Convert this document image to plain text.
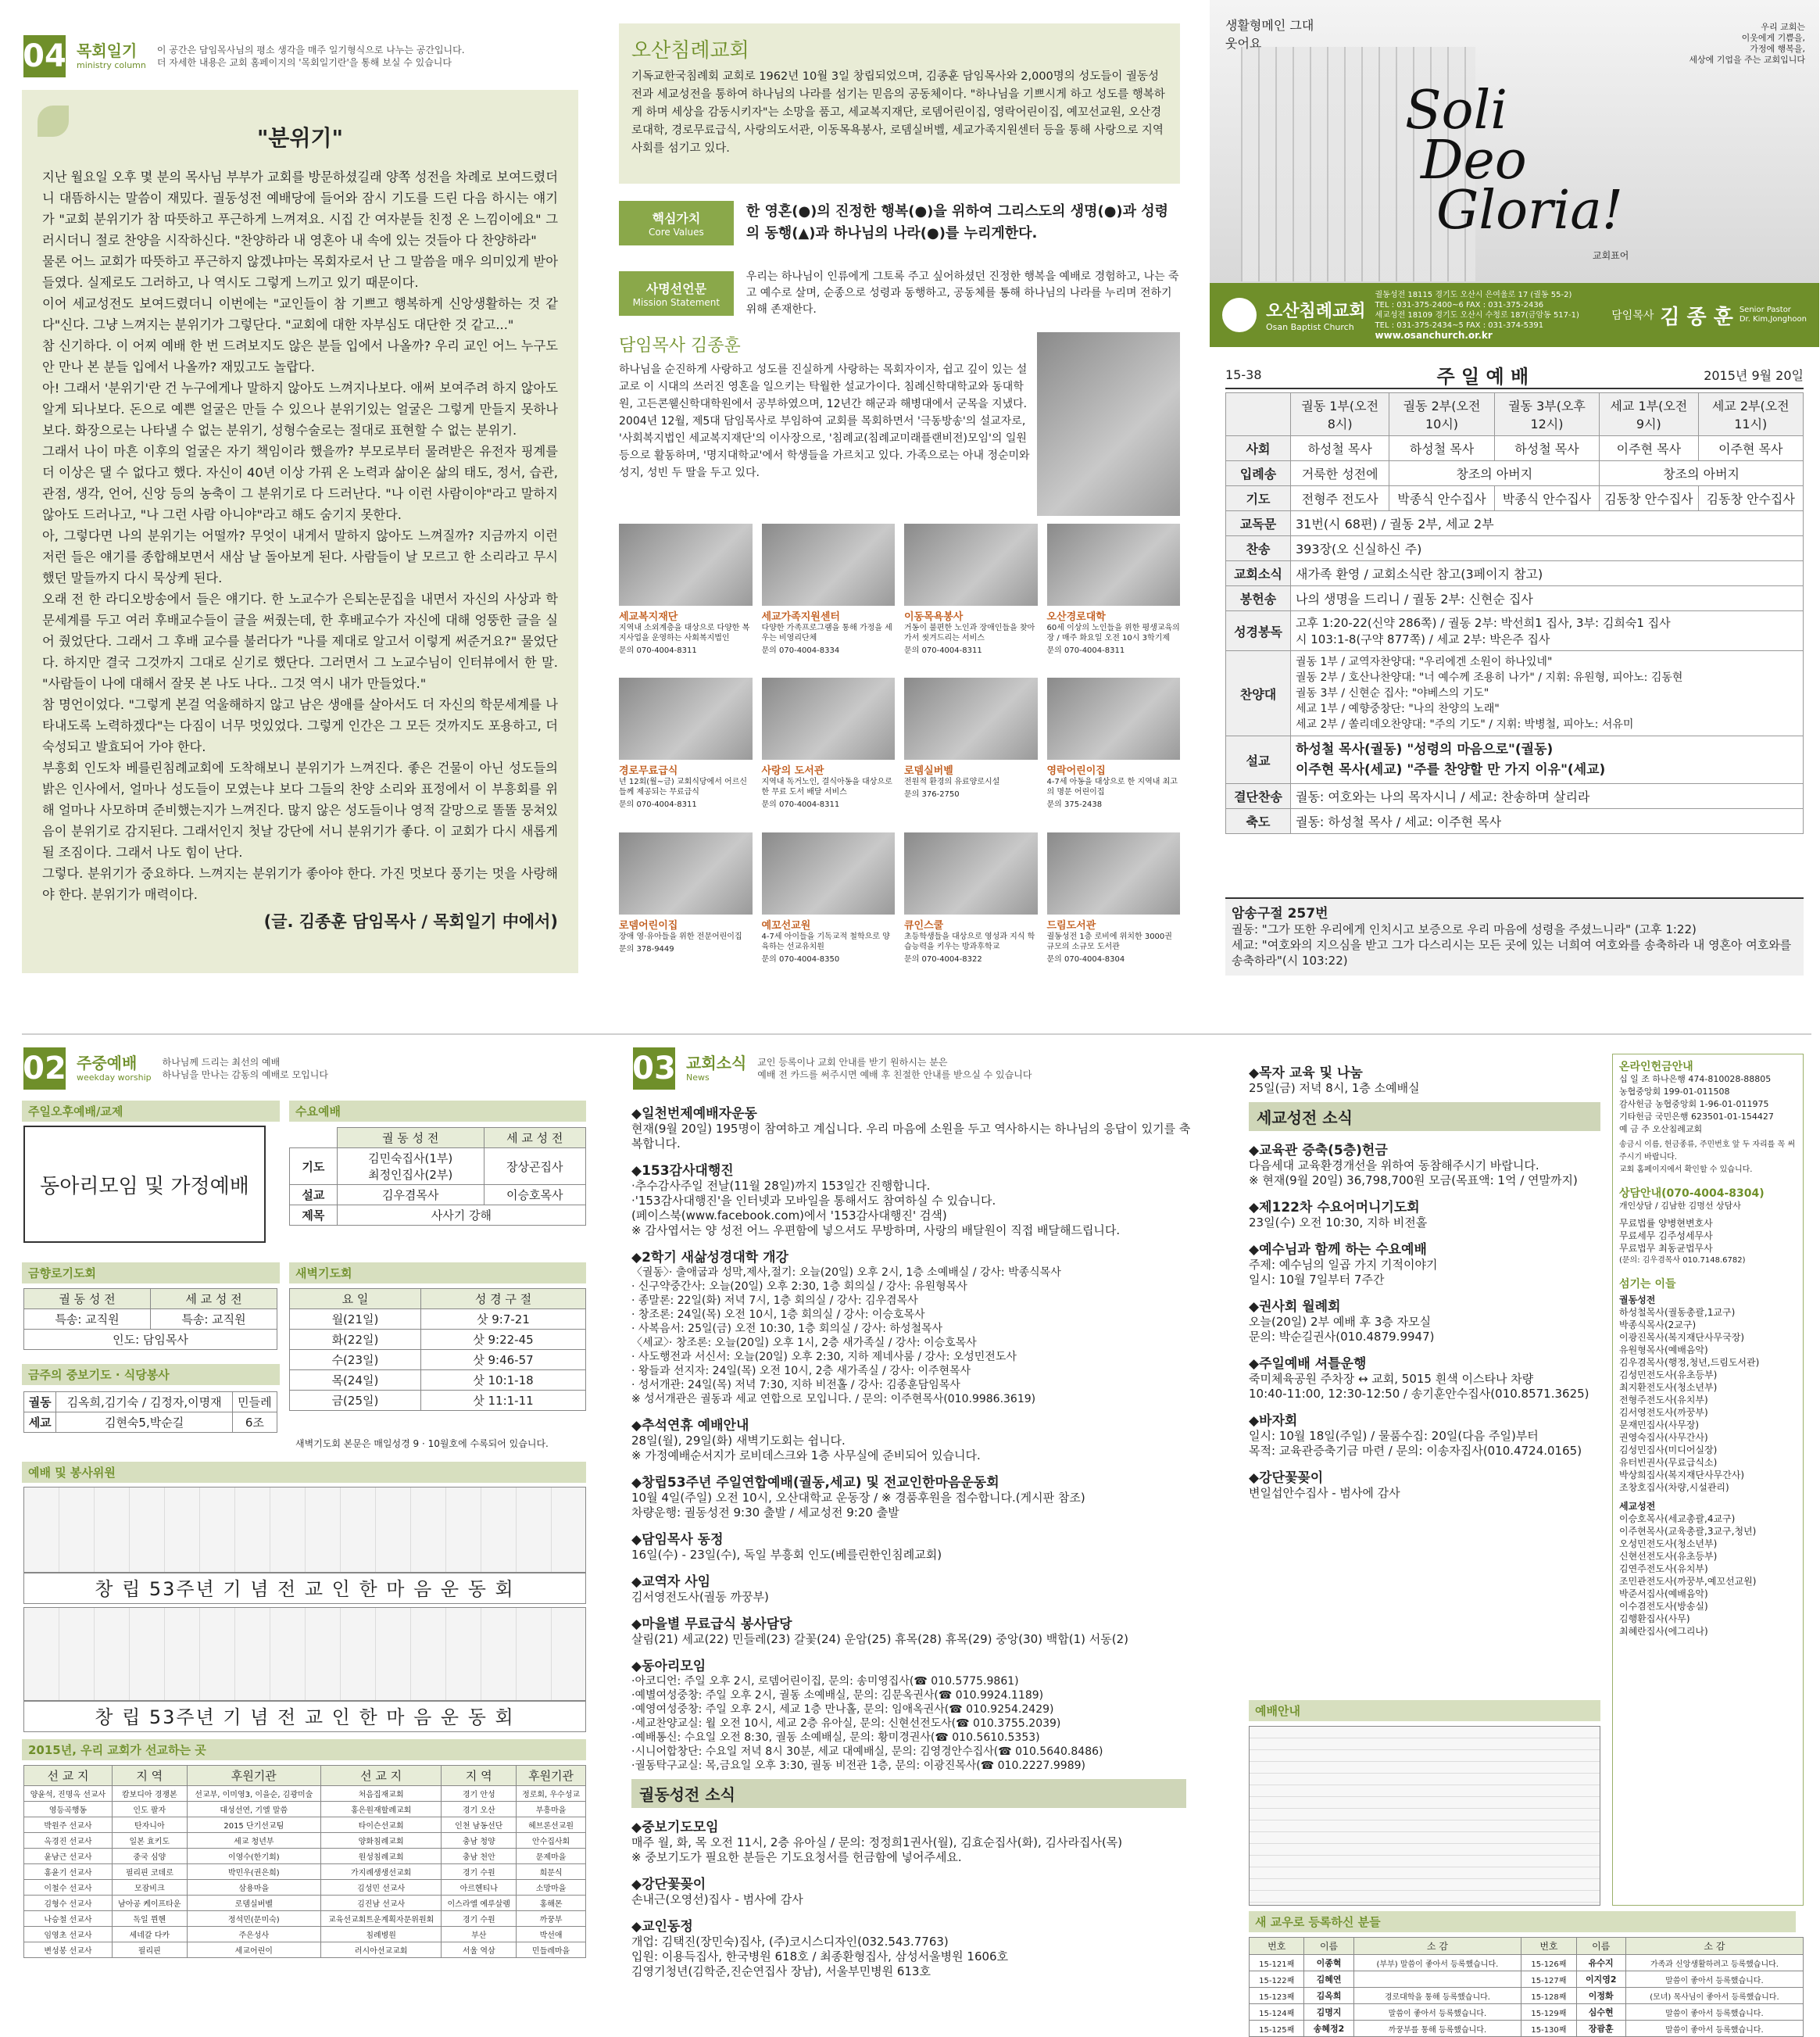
04 목회일기
ministry column
이 공간은 담임목사님의 평소 생각을 매주 일기형식으로 나누는 공간입니다.
더 자세한 내용은 교회 홈페이지의 '목회일기란'을 통해 보실 수 있습니다
"분위기"
지난 월요일 오후 몇 분의 목사님 부부가 교회를 방문하셨길래 양쪽 성전을 차례로 보여드렸더니 대뜸하시는 말씀이 재밌다. 궐동성전 예배당에 들어와 잠시 기도를 드린 다음 하시는 얘기가 "교회 분위기가 참 따뜻하고 푸근하게 느껴져요. 시집 간 여자분들 친정 온 느낌이에요" 그러시더니 절로 찬양을 시작하신다. "찬양하라 내 영혼아 내 속에 있는 것들아 다 찬양하라"
물론 어느 교회가 따뜻하고 푸근하지 않겠냐마는 목회자로서 난 그 말씀을 매우 의미있게 받아들였다. 실제로도 그러하고, 나 역시도 그렇게 느끼고 있기 때문이다.
이어 세교성전도 보여드렸더니 이번에는 "교인들이 참 기쁘고 행복하게 신앙생활하는 것 같다"신다. 그냥 느껴지는 분위기가 그렇단다. "교회에 대한 자부심도 대단한 것 같고..."
참 신기하다. 이 어찌 예배 한 번 드려보지도 않은 분들 입에서 나올까? 우리 교인 어느 누구도 안 만나 본 분들 입에서 나올까? 재밌고도 놀랍다.
아! 그래서 '분위기'란 건 누구에게나 말하지 않아도 느껴지나보다. 애써 보여주려 하지 않아도 알게 되나보다. 돈으로 예쁜 얼굴은 만들 수 있으나 분위기있는 얼굴은 그렇게 만들지 못하나보다. 화장으로는 나타낼 수 없는 분위기, 성형수술로는 절대로 표현할 수 없는 분위기.
그래서 나이 마흔 이후의 얼굴은 자기 책임이라 했을까? 부모로부터 물려받은 유전자 핑계를 더 이상은 댈 수 없다고 했다. 자신이 40년 이상 가꿔 온 노력과 삶이온 삶의 태도, 정서, 습관, 관점, 생각, 언어, 신앙 등의 농축이 그 분위기로 다 드러난다. "나 이런 사람이야"라고 말하지 않아도 드러나고, "나 그런 사람 아니야"라고 해도 숨기지 못한다.
아, 그렇다면 나의 분위기는 어떨까? 무엇이 내게서 말하지 않아도 느껴질까? 지금까지 이런저런 들은 얘기를 종합해보면서 새삼 날 돌아보게 된다. 사람들이 날 모르고 한 소리라고 무시했던 말들까지 다시 묵상케 된다.
오래 전 한 라디오방송에서 들은 얘기다. 한 노교수가 은퇴논문집을 내면서 자신의 사상과 학문세계를 두고 여러 후배교수들이 글을 써줬는데, 한 후배교수가 자신에 대해 엉뚱한 글을 실어 줬었단다. 그래서 그 후배 교수를 불러다가 "나를 제대로 알고서 이렇게 써준거요?" 물었단다. 하지만 결국 그것까지 그대로 싣기로 했단다. 그러면서 그 노교수님이 인터뷰에서 한 말. "사람들이 나에 대해서 잘못 본 나도 나다.. 그것 역시 내가 만들었다."
참 명언이었다. "그렇게 본걸 억울해하지 않고 남은 생애를 살아서도 더 자신의 학문세계를 나타내도록 노력하겠다"는 다짐이 너무 멋있었다. 그렇게 인간은 그 모든 것까지도 포용하고, 더 숙성되고 발효되어 가야 한다.
부흥회 인도차 베를린침례교회에 도착해보니 분위기가 느껴진다. 좋은 건물이 아닌 성도들의 밝은 인사에서, 얼마나 성도들이 모였는냐 보다 그들의 찬양 소리와 표정에서 이 부흥회를 위해 얼마나 사모하며 준비했는지가 느껴진다. 많지 않은 성도들이나 영적 갈망으로 똘똘 뭉쳐있음이 분위기로 감지된다. 그래서인지 첫날 강단에 서니 분위기가 좋다. 이 교회가 다시 새롭게 될 조짐이다. 그래서 나도 힘이 난다.
그렇다. 분위기가 중요하다. 느껴지는 분위기가 좋아야 한다. 가진 멋보다 풍기는 멋을 사랑해야 한다. 분위기가 매력이다.
(글. 김종훈 담임목사 / 목회일기 中에서)
오산침례교회
기독교한국침례회 교회로 1962년 10월 3일 창립되었으며, 김종훈 담임목사와 2,000명의 성도들이 궐동성전과 세교성전을 통하여 하나님의 나라를 섬기는 믿음의 공동체이다. "하나님을 기쁘시게 하고 성도를 행복하게 하며 세상을 감동시키자"는 소망을 품고, 세교복지재단, 로뎀어린이집, 영락어린이집, 예꼬선교원, 오산경로대학, 경로무료급식, 사랑의도서관, 이동목욕봉사, 로뎀실버벨, 세교가족지원센터 등을 통해 사랑으로 지역사회를 섬기고 있다.
핵심가치
Core Values
한 영혼(●)의 진정한 행복(●)을 위하여 그리스도의 생명(●)과 성령의 동행(▲)과 하나님의 나라(●)를 누리게한다.
사명선언문
Mission Statement
우리는 하나님이 인류에게 그토록 주고 싶어하셨던 진정한 행복을 예배로 경험하고, 나는 죽고 예수로 살며, 순종으로 성령과 동행하고, 공동체를 통해 하나님의 나라를 누리며 전하기 위해 존재한다.
담임목사 김종훈
하나님을 순진하게 사랑하고 성도를 진실하게 사랑하는 목회자이자, 쉽고 깊이 있는 설교로 이 시대의 쓰러진 영혼을 일으키는 탁월한 설교가이다. 침례신학대학교와 동대학원, 고든콘웰신학대학원에서 공부하였으며, 12년간 해군과 해병대에서 군목을 지냈다. 2004년 12월, 제5대 담임목사로 부임하여 교회를 목회하면서 '극동방송'의 설교자로, '사회복지법인 세교복지재단'의 이사장으로, '침례교(침례교미래플랜비전)모임'의 일원 등으로 활동하며, '명지대학교'에서 학생들을 가르치고 있다. 가족으로는 아내 정순미와 성지, 성빈 두 딸을 두고 있다.
세교복지재단
지역내 소외계층을 대상으로 다양한 복지사업을 운영하는 사회복지법인
문의 070-4004-8311
세교가족지원센터
다양한 가족프로그램을 통해 가정을 세우는 비영리단체
문의 070-4004-8334
이동목욕봉사
거동이 불편한 노인과 장애인들을 찾아가서 씻겨드리는 서비스
문의 070-4004-8311
오산경로대학
60세 이상의 노인들을 위한 평생교육의 장 / 매주 화요일 오전 10시 3학기제
문의 070-4004-8311
경로무료급식
년 12회(월~금) 교회식당에서 어르신들께 제공되는 무료급식
문의 070-4004-8311
사랑의 도서관
지역내 독거노인, 결식아동을 대상으로 한 무료 도서 배달 서비스
문의 070-4004-8311
로뎀실버벨
전원적 환경의 유료양로시설
문의 376-2750
영락어린이집
4-7세 아동을 대상으로 한 지역내 최고의 명문 어린이집
문의 375-2438
로뎀어린이집
장애 영·유아들을 위한 전문어린이집
문의 378-9449
예꼬선교원
4-7세 아이들을 기독교적 철학으로 양육하는 선교유치원
문의 070-4004-8350
큐인스쿨
초등학생들을 대상으로 영성과 지식 학습능력을 키우는 방과후학교
문의 070-4004-8322
드림도서관
궐동성전 1층 로비에 위치한 3000권 규모의 소규모 도서관
문의 070-4004-8304
생활형메인 그대 웃어요
Soli
Deo
Gloria!
교회표어
우리 교회는
이웃에게 기쁨을,
가정에 행복을,
세상에 기업을 주는 교회입니다
오산침례교회
Osan Baptist Church
궐동성전 18115 경기도 오산시 은여울로 17 (궐동 55-2)
TEL : 031-375-2400~6 FAX : 031-375-2436
세교성전 18109 경기도 오산시 수청로 187(금암동 517-1)
TEL : 031-375-2434~5 FAX : 031-374-5391
www.osanchurch.or.kr
담임목사 김 종 훈 Senior Pastor
Dr. Kim,Jonghoon
15-38	주 일 예 배	2015년 9월 20일
	궐동 1부(오전 8시)	궐동 2부(오전 10시)	궐동 3부(오후 12시)	세교 1부(오전 9시)	세교 2부(오전 11시)
사회	하성철 목사	하성철 목사	하성철 목사	이주현 목사	이주현 목사
입례송	거룩한 성전에	창조의 아버지		창조의 아버지	
기도	전형주 전도사	박종식 안수집사	박종식 안수집사	김동창 안수집사	김동창 안수집사
교독문	31번(시 68편) / 궐동 2부, 세교 2부				
찬송	393장(오 신실하신 주)				
교회소식	새가족 환영 / 교회소식란 참고(3페이지 참고)				
봉헌송	나의 생명을 드리니 / 궐동 2부: 신현순 집사				
성경봉독	고후 1:20-22(신약 286쪽) / 궐동 2부: 박선희1 집사, 3부: 김희숙1 집사
시 103:1-8(구약 877쪽) / 세교 2부: 박은주 집사				
찬양대	궐동 1부 / 교역자찬양대: "우리에겐 소원이 하나있네"
궐동 2부 / 호산나찬양대: "너 예수께 조용히 나가" / 지휘: 유원형, 피아노: 김동현
궐동 3부 / 신현순 집사: "야베스의 기도"
세교 1부 / 예향중창단: "나의 찬양의 노래"
세교 2부 / 쏠리데오찬양대: "주의 기도" / 지휘: 박병철, 피아노: 서유미				
설교	하성철 목사(궐동) "성령의 마음으로"(궐동)
이주현 목사(세교) "주를 찬양할 만 가지 이유"(세교)				
결단찬송	궐동: 여호와는 나의 목자시니 / 세교: 찬송하며 살리라				
축도	궐동: 하성철 목사 / 세교: 이주현 목사				
암송구절 257번
궐동: "그가 또한 우리에게 인치시고 보증으로 우리 마음에 성령을 주셨느니라" (고후 1:22)
세교: "여호와의 지으심을 받고 그가 다스리시는 모든 곳에 있는 너희여 여호와를 송축하라 내 영혼아 여호와를 송축하라"(시 103:22)
02 주중예배
weekday worship
하나님께 드리는 최선의 예배
하나님을 만나는 감동의 예배로 모입니다
주일오후예배/교제
동아리모임 및 가정예배
수요예배
	궐 동 성 전	세 교 성 전
기도	김민숙집사(1부)
최정인집사(2부)	장상곤집사
설교	김우겸목사	이승호목사
제목	사사기 강해	
금향로기도회
궐 동 성 전	세 교 성 전
특송: 교직원	특송: 교직원
인도: 담임목사	
새벽기도회
요 일	성 경 구 절
월(21일)	삿 9:7-21
화(22일)	삿 9:22-45
수(23일)	삿 9:46-57
목(24일)	삿 10:1-18
금(25일)	삿 11:1-11
새벽기도회 본문은 매일성경 9 · 10월호에 수록되어 있습니다.
금주의 중보기도 · 식당봉사
궐동	김옥희,김기숙 / 김정자,이명재	민들레
세교	김현숙5,박순길	6조
예배 및 봉사위원
창 립 53주년 기 념 전 교 인 한 마 음 운 동 회
창 립 53주년 기 념 전 교 인 한 마 음 운 동 회
2015년, 우리 교회가 선교하는 곳
선 교 지	지 역	후원기관	선 교 지	지 역	후원기관
양윤석, 진명옥 선교사	캄보디아 경쟁본	선교부, 이미영3, 이을순, 김광미술	처음집재교회	경기 안성	정로회, 우수성교
영등곡행동	인도 팔자	대성선연, 기엘 말씀	홍은원재할례교회	경기 오산	부흥마을
박원주 선교사	탄자니아	2015 단기선교팀	타이슨선교회	인천 남동선단	헤브론선교원
옥경진 선교사	일본 효키도	세교 청년부	양화침례교회	충남 청양	안수집사회
윤남근 선교사	중국 심양	이영수(한기회)	원성침례교회	충남 천안	문제마을
홍윤기 선교사	필리핀 코데로	박민우(권은희)	가지례생생선교회	경기 수원	희문식
이철수 선교사	모잠비크	삼용마을	김성민 선교사	아르헨티나	소망마을
김형수 선교사	남아공 케이프타운	로뎀실버벨	김진남 선교사	이스라엘 예루살렘	홍해몬
나승철 선교사	독일 뮌헨	정석민(문미숙)	교육선교회트운계획자문위원회	경기 수원	까꿍부
임영초 선교사	세네갈 다카	주은성사	침례병원	부산	박선애
변성봉 선교사	필리핀	세교어린이	러시아선교교회	서울 역삼	민들레마을
03 교회소식
News
교인 등록이나 교회 안내를 받기 원하시는 분은
예배 전 카드를 써주시면 예배 후 친절한 안내를 받으실 수 있습니다
◆일천번제예배자운동
현재(9월 20일) 195명이 참여하고 계십니다. 우리 마음에 소원을 두고 역사하시는 하나님의 응답이 있기를 축복합니다.
◆153감사대행진
·추수감사주일 전날(11월 28일)까지 153일간 진행합니다.
·'153감사대행진'을 인터넷과 모바일을 통해서도 참여하실 수 있습니다.
(페이스북(www.facebook.com)에서 '153감사대행진' 검색)
※ 감사엽서는 양 성전 어느 우편함에 넣으셔도 무방하며, 사랑의 배달원이 직접 배달해드립니다.
◆2학기 새삶성경대학 개강
〈궐동〉· 출애굽과 성막,제사,절기: 오늘(20일) 오후 2시, 1층 소예배실 / 강사: 박종식목사
· 신구약중간사: 오늘(20일) 오후 2:30, 1층 회의실 / 강사: 유원형목사
· 종말론: 22일(화) 저녁 7시, 1층 회의실 / 강사: 김우겸목사
· 창조론: 24일(목) 오전 10시, 1층 회의실 / 강사: 이승호목사
· 사복음서: 25일(금) 오전 10:30, 1층 회의실 / 강사: 하성철목사
〈세교〉· 창조론: 오늘(20일) 오후 1시, 2층 새가족실 / 강사: 이승호목사
· 사도행전과 서신서: 오늘(20일) 오후 2:30, 지하 제네사룸 / 강사: 오성민전도사
· 왕들과 선지자: 24일(목) 오전 10시, 2층 새가족실 / 강사: 이주현목사
· 성서개관: 24일(목) 저녁 7:30, 지하 비전홀 / 강사: 김종훈담임목사
※ 성서개관은 궐동과 세교 연합으로 모입니다. / 문의: 이주현목사(010.9986.3619)
◆추석연휴 예배안내
28일(월), 29일(화) 새벽기도회는 쉽니다.
※ 가정예배순서지가 로비데스크와 1층 사무실에 준비되어 있습니다.
◆창립53주년 주일연합예배(궐동,세교) 및 전교인한마음운동회
10월 4일(주일) 오전 10시, 오산대학교 운동장 / ※ 경품후원을 접수합니다.(게시판 참조)
차량운행: 궐동성전 9:30 출발 / 세교성전 9:20 출발
◆담임목사 동정
16일(수) - 23일(수), 독일 부흥회 인도(베를린한인침례교회)
◆교역자 사임
김서영전도사(궐동 까꿍부)
◆마을별 무료급식 봉사담당
살림(21) 세교(22) 민들레(23) 갈꽃(24) 운암(25) 휴목(28) 휴목(29) 중앙(30) 백합(1) 서동(2)
◆동아리모임
·아코디언: 주일 오후 2시, 로뎀어린이집, 문의: 송미영집사(☎ 010.5775.9861)
·예별여성중창: 주일 오후 2시, 궐동 소예배실, 문의: 김문옥권사(☎ 010.9924.1189)
·예영여성중창: 주일 오후 2시, 세교 1층 만나홀, 문의: 임애옥권사(☎ 010.9254.2429)
·세교찬양교실: 월 오전 10시, 세교 2층 유아실, 문의: 신현선전도사(☎ 010.3755.2039)
·예배통신: 수요일 오전 8:30, 궐동 소예배실, 문의: 황미경권사(☎ 010.5610.5353)
·시니어합창단: 수요일 저녁 8시 30분, 세교 대예배실, 문의: 김영경안수집사(☎ 010.5640.8486)
·궐동탁구교실: 목,금요일 오후 3:30, 궐동 비전관 1층, 문의: 이광진목사(☎ 010.2227.9989)
궐동성전 소식
◆중보기도모임
매주 월, 화, 목 오전 11시, 2층 유아실 / 문의: 정정희1권사(월), 김효순집사(화), 김사라집사(목)
※ 중보기도가 필요한 분들은 기도요청서를 헌금함에 넣어주세요.
◆강단꽃꽂이
손내근(오영선)집사 - 범사에 감사
◆교인동정
개업: 김택진(장민숙)집사, (주)코시스디자인(032.543.7763)
입원: 이용득집사, 한국병원 618호 / 최종환형집사, 삼성서울병원 1606호
김영기청년(김학준,진순연집사 장남), 서울부민병원 613호
◆목자 교육 및 나눔
25일(금) 저녁 8시, 1층 소예배실
세교성전 소식
◆교육관 증축(5층)헌금
다음세대 교육환경개선을 위하여 동참해주시기 바랍니다.
※ 현재(9월 20일) 36,798,700원 모금(목표액: 1억 / 연말까지)
◆제122차 수요어머니기도회
23일(수) 오전 10:30, 지하 비전홀
◆예수님과 함께 하는 수요예배
주제: 예수님의 일곱 가지 기적이야기
일시: 10월 7일부터 7주간
◆권사회 월례회
오늘(20일) 2부 예배 후 3층 자모실
문의: 박순길권사(010.4879.9947)
◆주일예배 셔틀운행
죽미체육공원 주차장 ↔ 교회, 5015 흰색 이스타나 차량
10:40-11:00, 12:30-12:50 / 송기훈안수집사(010.8571.3625)
◆바자회
일시: 10월 18일(주일) / 물품수집: 20일(다음 주일)부터
목적: 교육관증축기금 마련 / 문의: 이송자집사(010.4724.0165)
◆강단꽃꽂이
변일섭안수집사 - 범사에 감사
예배안내
새 교우로 등록하신 분들
온라인헌금안내
십 일 조 하나은행 474-810028-88805
농협중앙회 199-01-011508
감사헌금 농협중앙회 1-96-01-011975
기타헌금 국민은행 623501-01-154427
예 금 주 오산침례교회
송금시 이름, 헌금종류, 주민번호 앞 두 자리를 꼭 써주시기 바랍니다.
교회 홈페이지에서 확인할 수 있습니다.
상담안내(070-4004-8304)
개인상담 / 김남한 김명선 상담사
무료법률 양병현변호사
무료세무 김주성세무사
무료법무 최동균법무사
(문의: 김우겸목사 010.7148.6782)
섬기는 이들
궐동성전
하성철목사(궐동총괄,1교구)
박종식목사(2교구)
이광진목사(복지재단사무국장)
유원형목사(예배음악)
김우겸목사(행정,청년,드림도서관)
김성민전도사(유초등부)
최지환전도사(청소년부)
전형주전도사(유치부)
김서영전도사(까꿍부)
문재민집사(사무장)
권영숙집사(사무간사)
김성민집사(미디어실장)
유터빈권사(무료급식소)
박상희집사(복지재단사무간사)
조창호집사(차량,시설관리)
세교성전
이승호목사(세교총괄,4교구)
이주현목사(교육총괄,3교구,청년)
오성민전도사(청소년부)
신현선전도사(유초등부)
김연주전도사(유치부)
조민관전도사(까꿍부,예꼬선교원)
박준서집사(예배음악)
이수겸전도사(방송실)
김행환집사(사무)
최혜란집사(에그리나)
번호	이름	소 감	번호	이름	소 감
15-121째	이종혁	(부부) 말씀이 좋아서 등록했습니다.	15-126째	유수지	가족과 신앙생활하려고 등록했습니다.
15-122째	김혜연		15-127째	이지영2	말씀이 좋아서 등록했습니다.
15-123째	김옥희	경로대학을 통해 등록했습니다.	15-128째	이정화	(모녀) 목사님이 좋아서 등록했습니다.
15-124째	김명지	말씀이 좋아서 등록했습니다.	15-129째	심수현	말씀이 좋아서 등록했습니다.
15-125째	송혜정2	까꿍부를 통해 등록했습니다.	15-130째	장괌훈	말씀이 좋아서 등록했습니다.
